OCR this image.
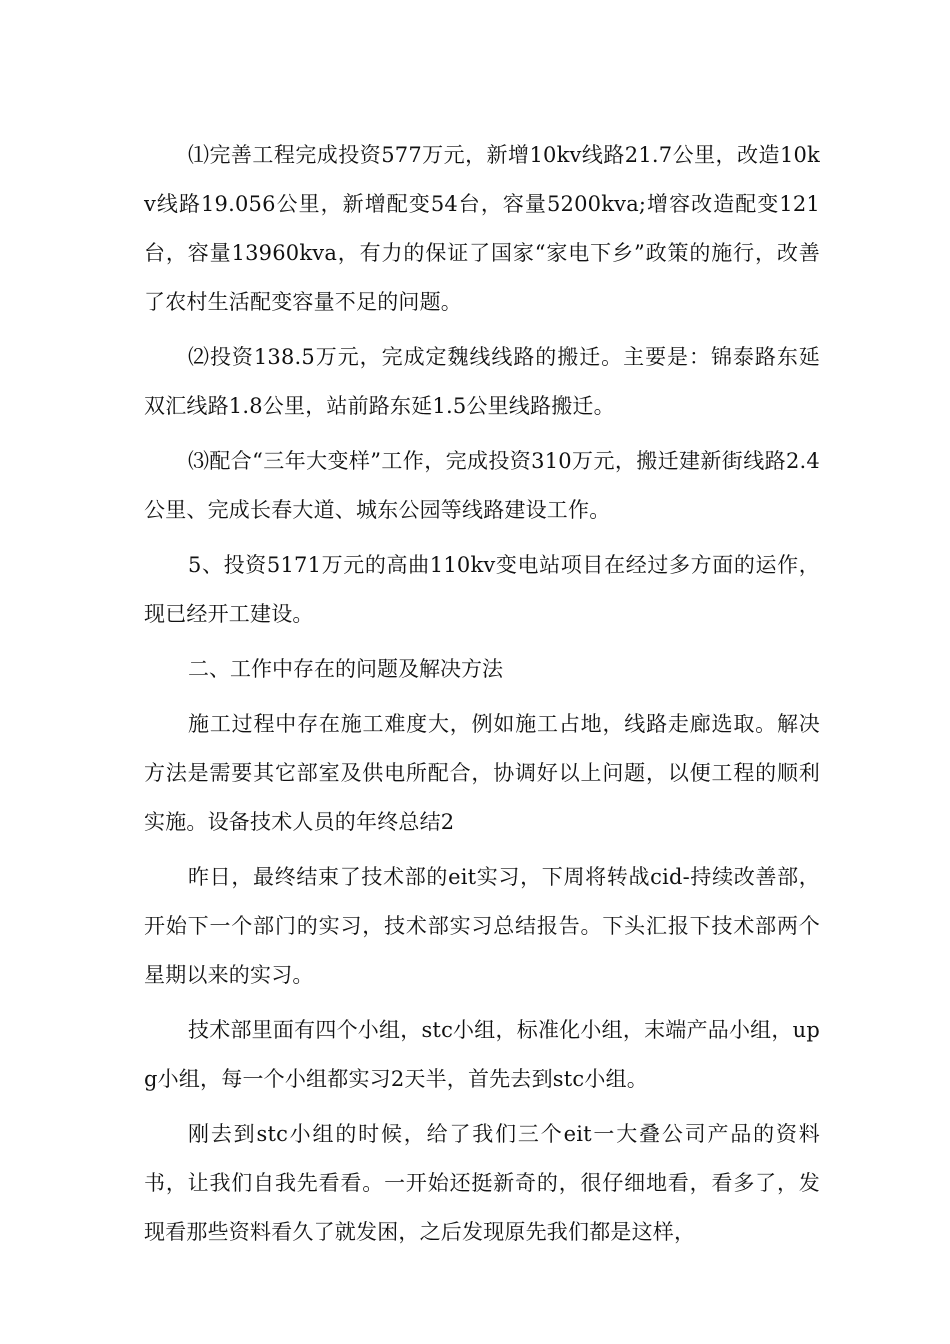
⑴完善工程完成投资577万元，新增10kv线路21.7公里，改造10kv线路19.056公里，新增配变54台，容量5200kva;增容改造配变121台，容量13960kva，有力的保证了国家“家电下乡”政策的施行，改善了农村生活配变容量不足的问题。

⑵投资138.5万元，完成定魏线线路的搬迁。主要是：锦泰路东延双汇线路1.8公里，站前路东延1.5公里线路搬迁。

⑶配合“三年大变样”工作，完成投资310万元，搬迁建新街线路2.4公里、完成长春大道、城东公园等线路建设工作。

5、投资5171万元的高曲110kv变电站项目在经过多方面的运作，现已经开工建设。

二、工作中存在的问题及解决方法

施工过程中存在施工难度大，例如施工占地，线路走廊选取。解决方法是需要其它部室及供电所配合，协调好以上问题，以便工程的顺利实施。设备技术人员的年终总结2

昨日，最终结束了技术部的eit实习，下周将转战cid-持续改善部，开始下一个部门的实习，技术部实习总结报告。下头汇报下技术部两个星期以来的实习。

技术部里面有四个小组，stc小组，标准化小组，末端产品小组，upg小组，每一个小组都实习2天半，首先去到stc小组。

刚去到stc小组的时候，给了我们三个eit一大叠公司产品的资料书，让我们自我先看看。一开始还挺新奇的，很仔细地看，看多了，发现看那些资料看久了就发困，之后发现原先我们都是这样，
